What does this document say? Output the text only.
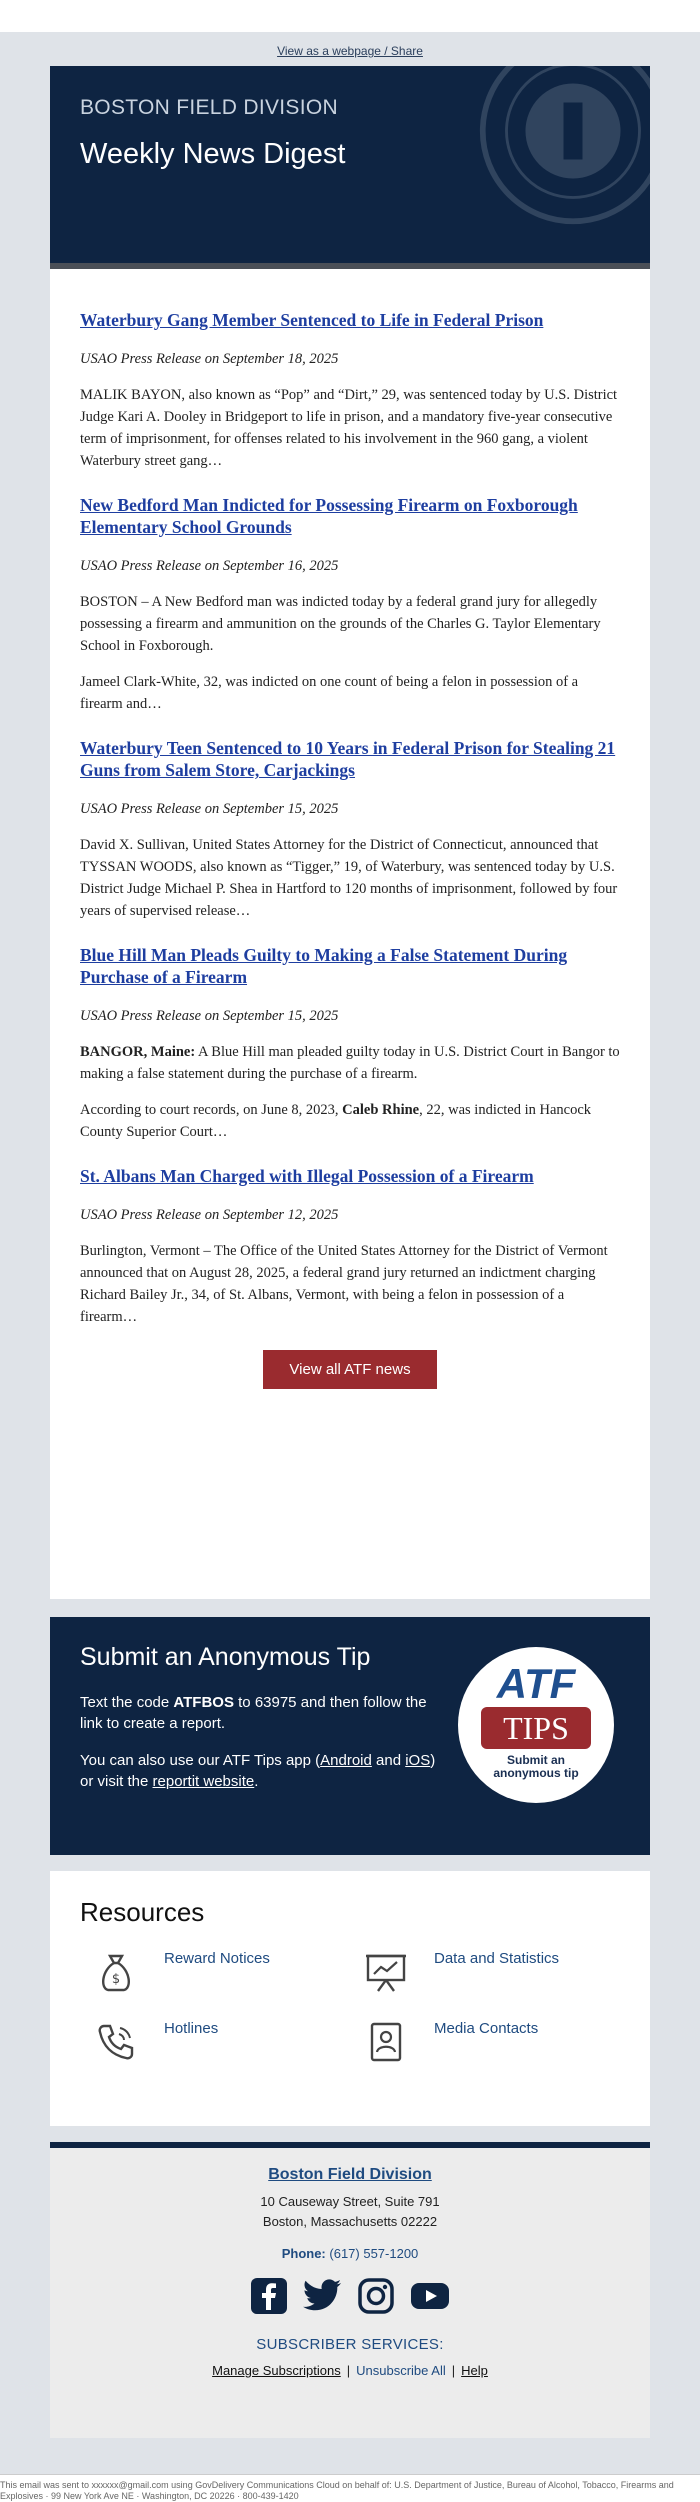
View as a webpage / Share
BOSTON FIELD DIVISION
Weekly News Digest
Waterbury Gang Member Sentenced to Life in Federal Prison
USAO Press Release on September 18, 2025

MALIK BAYON, also known as “Pop” and “Dirt,” 29, was sentenced today by U.S. District Judge Kari A. Dooley in Bridgeport to life in prison, and a mandatory five-year consecutive term of imprisonment, for offenses related to his involvement in the 960 gang, a violent Waterbury street gang…

New Bedford Man Indicted for Possessing Firearm on Foxborough Elementary School Grounds
USAO Press Release on September 16, 2025

BOSTON – A New Bedford man was indicted today by a federal grand jury for allegedly possessing a firearm and ammunition on the grounds of the Charles G. Taylor Elementary School in Foxborough.

Jameel Clark-White, 32, was indicted on one count of being a felon in possession of a firearm and…

Waterbury Teen Sentenced to 10 Years in Federal Prison for Stealing 21 Guns from Salem Store, Carjackings
USAO Press Release on September 15, 2025

David X. Sullivan, United States Attorney for the District of Connecticut, announced that TYSSAN WOODS, also known as “Tigger,” 19, of Waterbury, was sentenced today by U.S. District Judge Michael P. Shea in Hartford to 120 months of imprisonment, followed by four years of supervised release…

Blue Hill Man Pleads Guilty to Making a False Statement During Purchase of a Firearm
USAO Press Release on September 15, 2025

BANGOR, Maine: A Blue Hill man pleaded guilty today in U.S. District Court in Bangor to making a false statement during the purchase of a firearm.

According to court records, on June 8, 2023, Caleb Rhine, 22, was indicted in Hancock County Superior Court…

St. Albans Man Charged with Illegal Possession of a Firearm
USAO Press Release on September 12, 2025

Burlington, Vermont – The Office of the United States Attorney for the District of Vermont announced that on August 28, 2025, a federal grand jury returned an indictment charging Richard Bailey Jr., 34, of St. Albans, Vermont, with being a felon in possession of a firearm…

View all ATF news
Submit an Anonymous Tip

Text the code ATFBOS to 63975 and then follow the link to create a report.

You can also use our ATF Tips app (Android and iOS) or visit the reportit website.

ATF
TIPS
Submit an
anonymous tip
Resources
$
Reward Notices	Data and Statistics
Hotlines	Media Contacts
Boston Field Division
10 Causeway Street, Suite 791
Boston, Massachusetts 02222
Phone: (617) 557-1200

SUBSCRIBER SERVICES:
Manage Subscriptions | Unsubscribe All | Help
This email was sent to xxxxxx@gmail.com using GovDelivery Communications Cloud on behalf of: U.S. Department of Justice, Bureau of Alcohol, Tobacco, Firearms and Explosives · 99 New York Ave NE · Washington, DC 20226 · 800-439-1420
